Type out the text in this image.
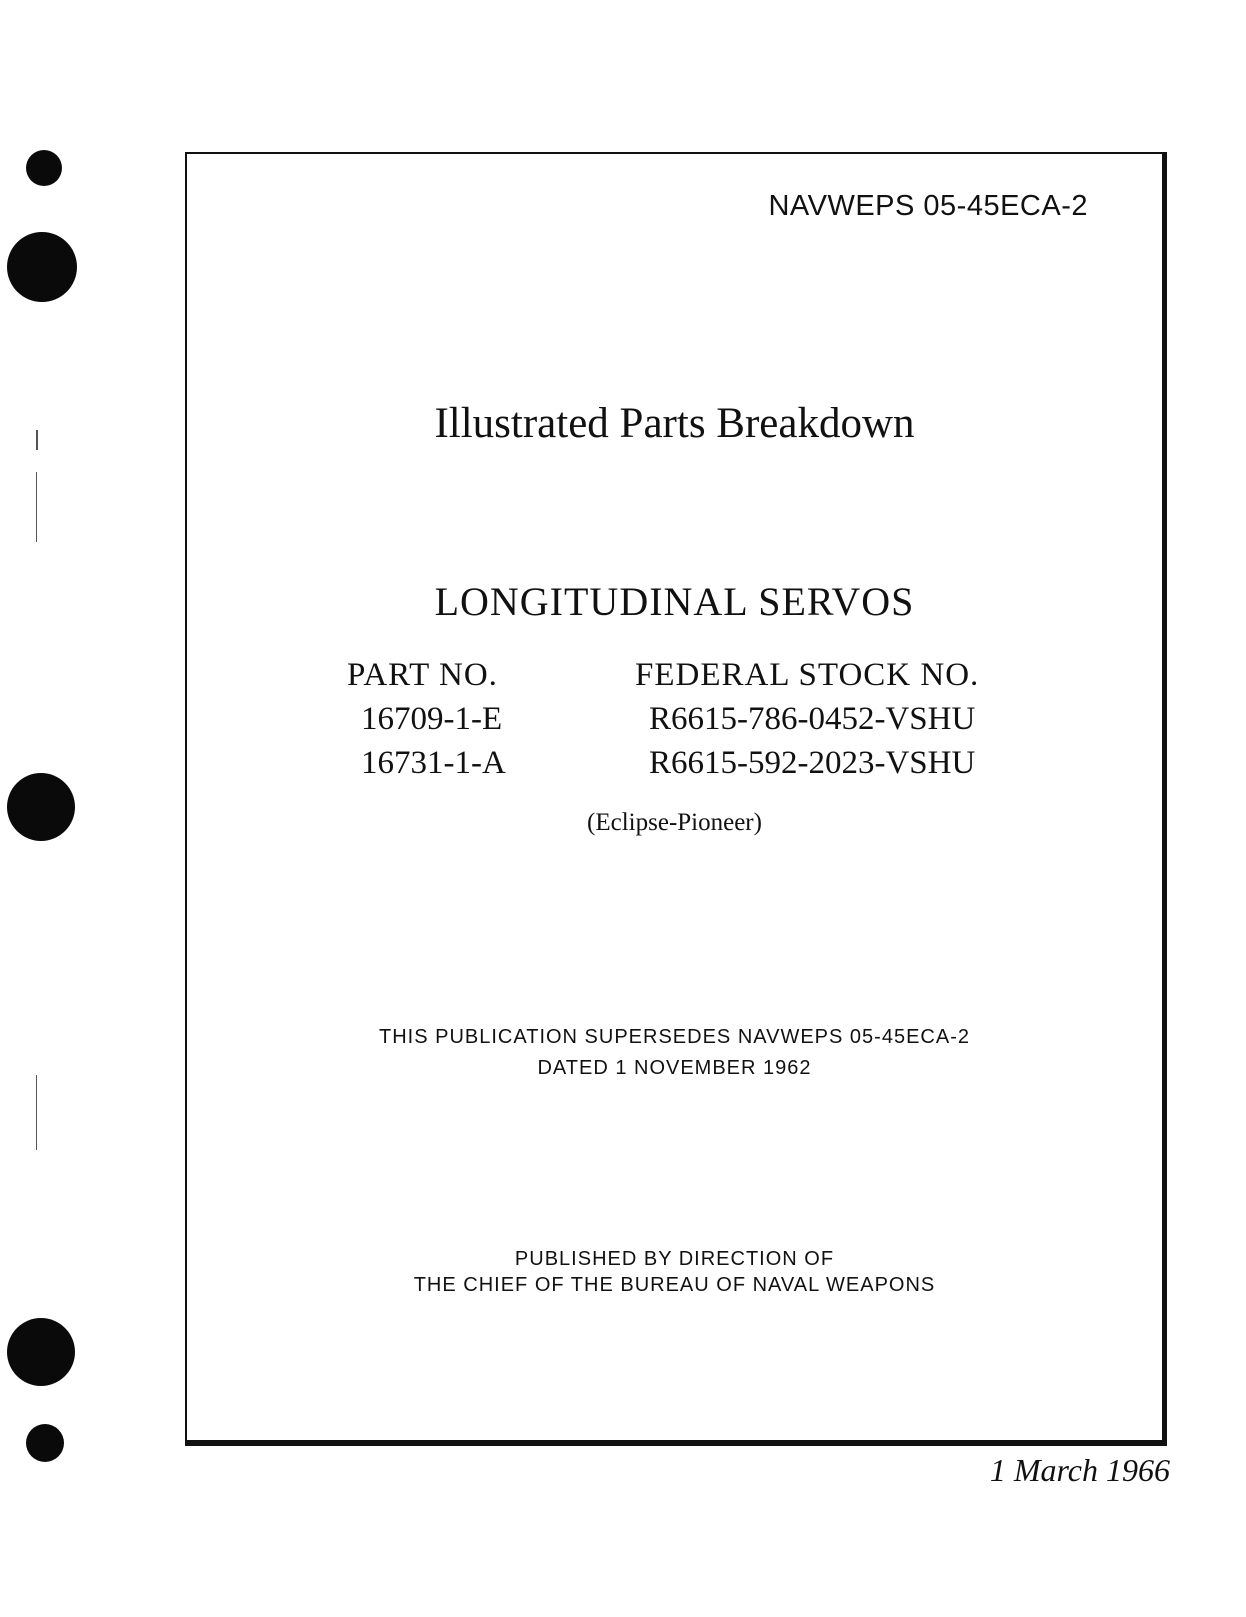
NAVWEPS 05-45ECA-2
Illustrated Parts Breakdown
LONGITUDINAL SERVOS
PART NO.
16709-1-E
16731-1-A
FEDERAL STOCK NO.
R6615-786-0452-VSHU
R6615-592-2023-VSHU
(Eclipse-Pioneer)
THIS PUBLICATION SUPERSEDES NAVWEPS 05-45ECA-2
DATED 1 NOVEMBER 1962
PUBLISHED BY DIRECTION OF
THE CHIEF OF THE BUREAU OF NAVAL WEAPONS
1 March 1966
